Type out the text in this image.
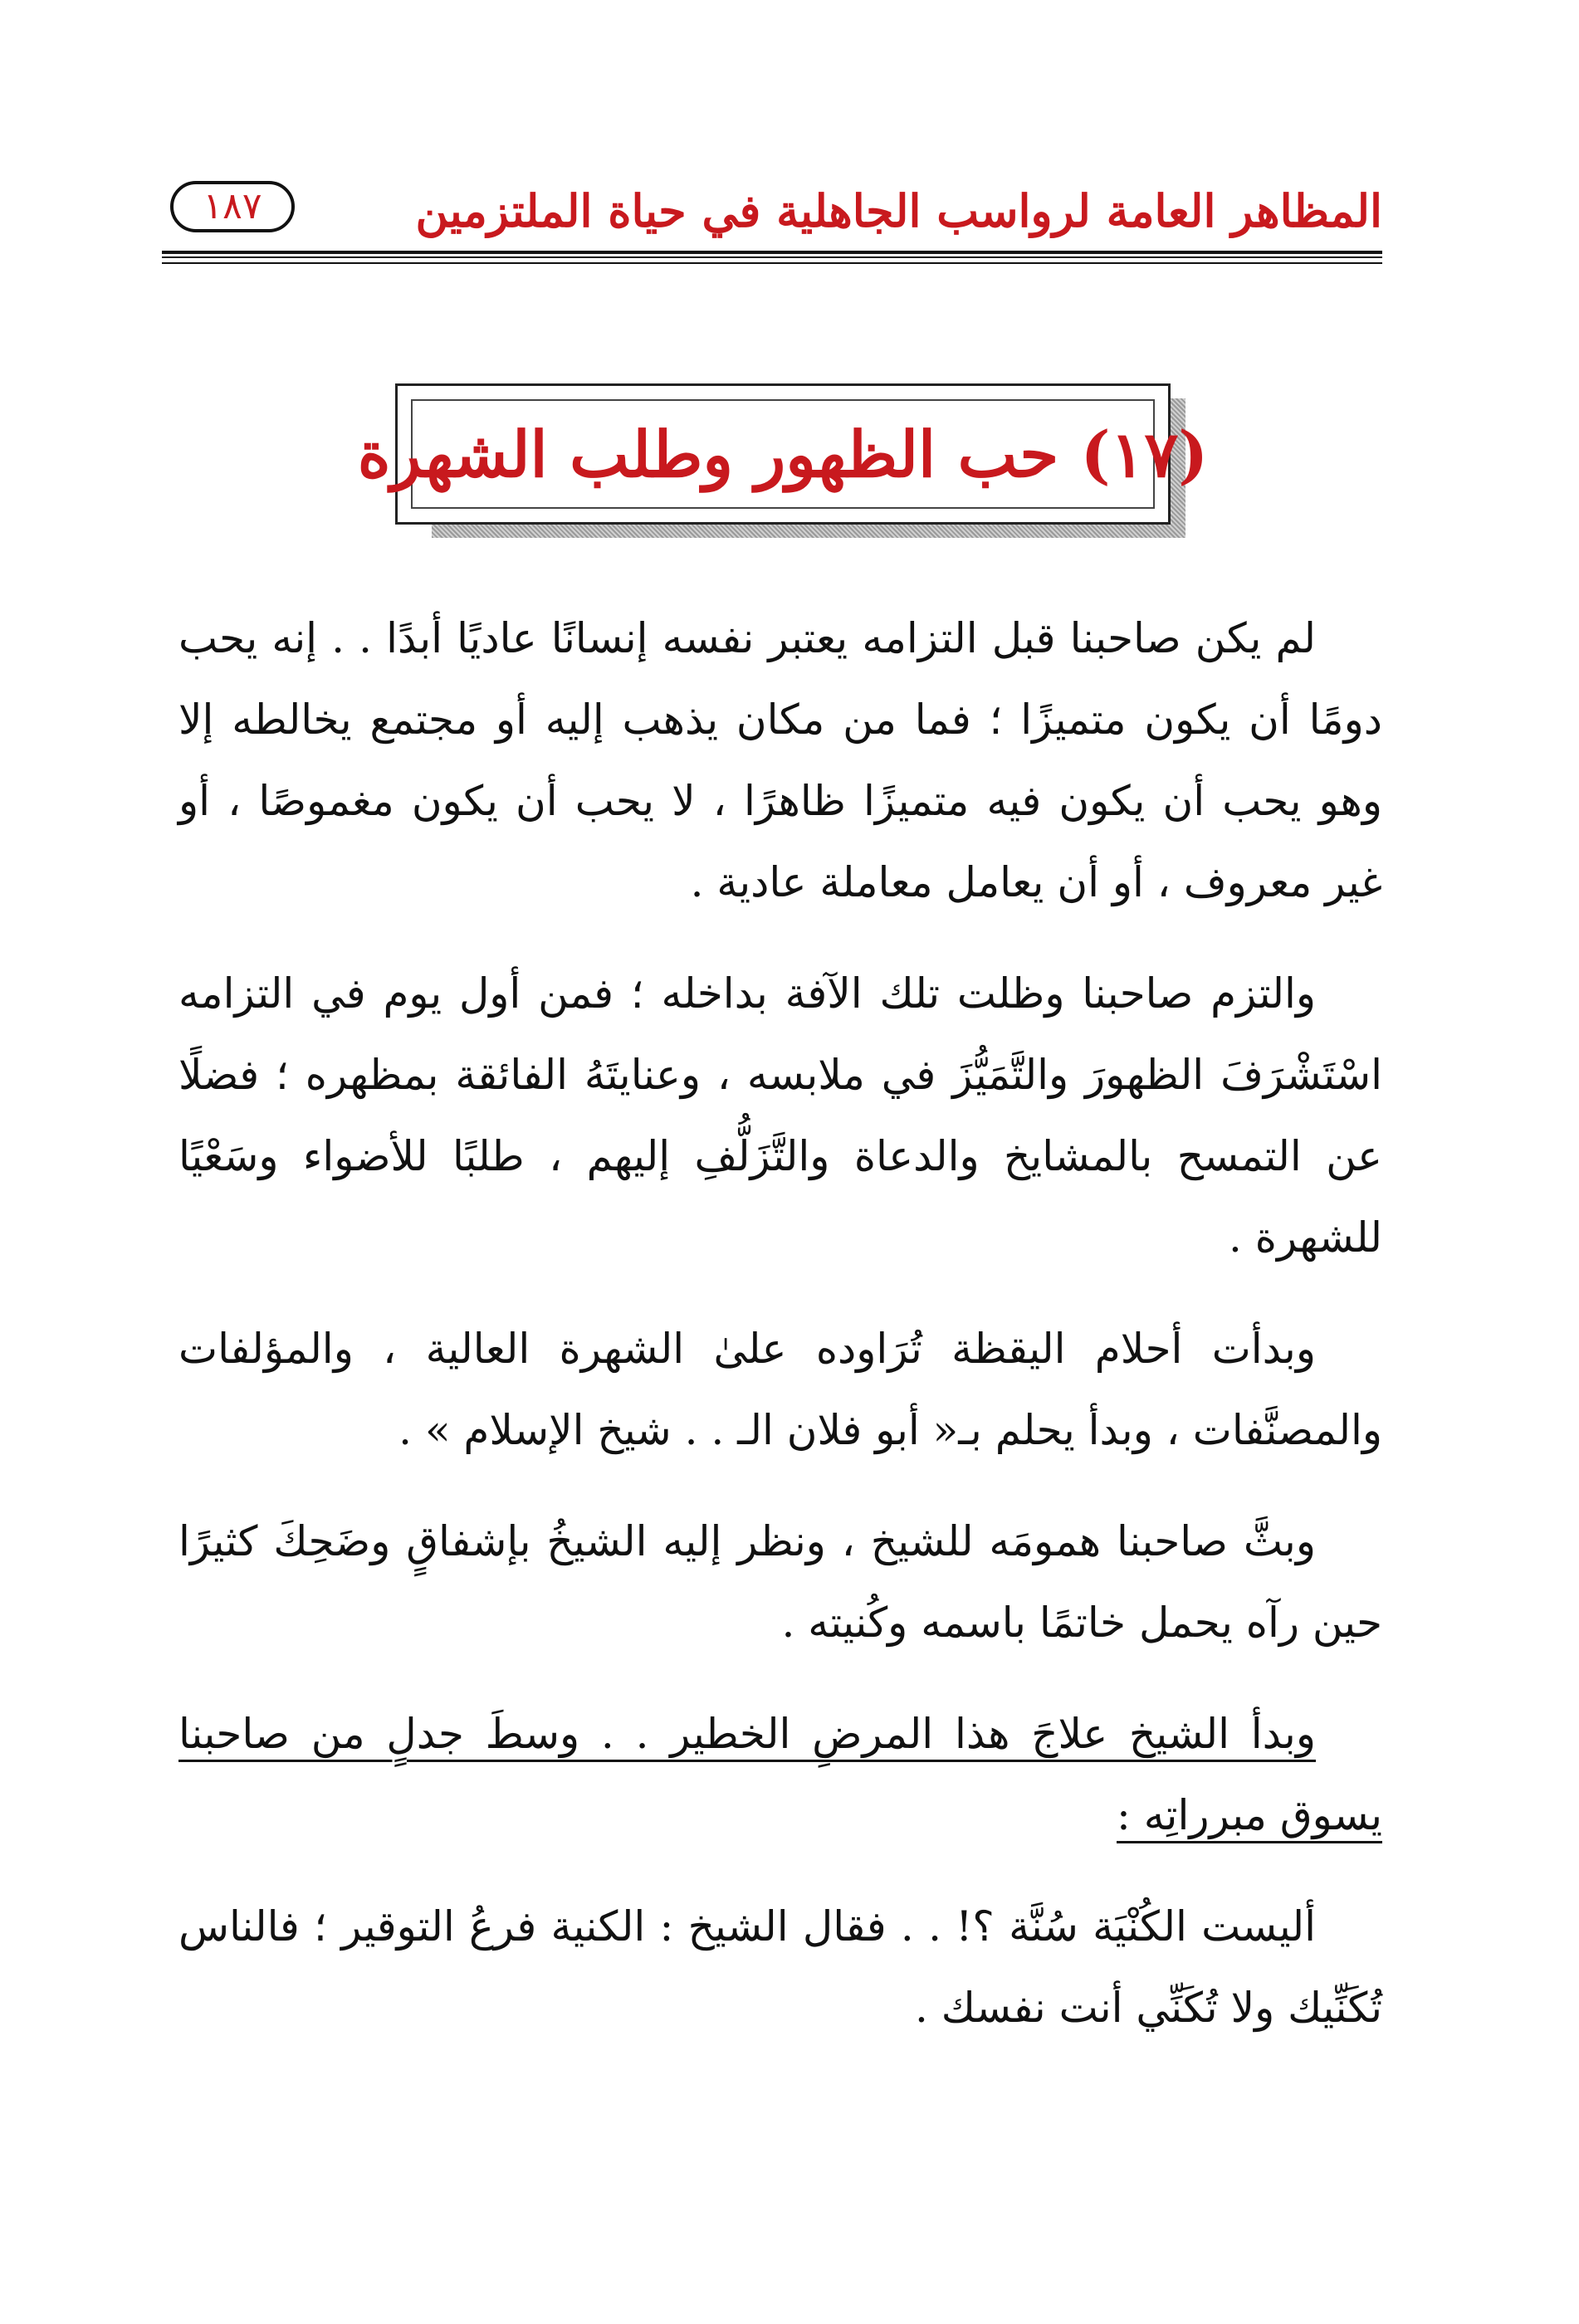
المظاهر العامة لرواسب الجاهلية في حياة الملتزمين
١٨٧
(١٧) حب الظهور وطلب الشهرة

لم يكن صاحبنا قبل التزامه يعتبر نفسه إنسانًا عاديًا أبدًا . . إنه يحب دومًا أن يكون متميزًا ؛ فما من مكان يذهب إليه أو مجتمع يخالطه إلا وهو يحب أن يكون فيه متميزًا ظاهرًا ، لا يحب أن يكون مغموصًا ، أو غير معروف ، أو أن يعامل معاملة عادية .

والتزم صاحبنا وظلت تلك الآفة بداخله ؛ فمن أول يوم في التزامه اسْتَشْرَفَ الظهورَ والتَّمَيُّزَ في ملابسه ، وعنايتَهُ الفائقة بمظهره ؛ فضلًا عن التمسح بالمشايخ والدعاة والتَّزَلُّفِ إليهم ، طلبًا للأضواء وسَعْيًا للشهرة .

وبدأت أحلام اليقظة تُرَاوده علىٰ الشهرة العالية ، والمؤلفات والمصنَّفات ، وبدأ يحلم بـ« أبو فلان الـ . . شيخ الإسلام » .

وبثَّ صاحبنا همومَه للشيخ ، ونظر إليه الشيخُ بإشفاقٍ وضَحِكَ كثيرًا حين رآه يحمل خاتمًا باسمه وكُنيته .

وبدأ الشيخ علاجَ هذا المرضِ الخطير . . وسطَ جدلٍ من صاحبنا يسوق مبرراتِه :

أليست الكُنْيَة سُنَّة ؟! . . فقال الشيخ : الكنية فرعُ التوقير ؛ فالناس تُكَنِّيك ولا تُكَنِّي أنت نفسك .
